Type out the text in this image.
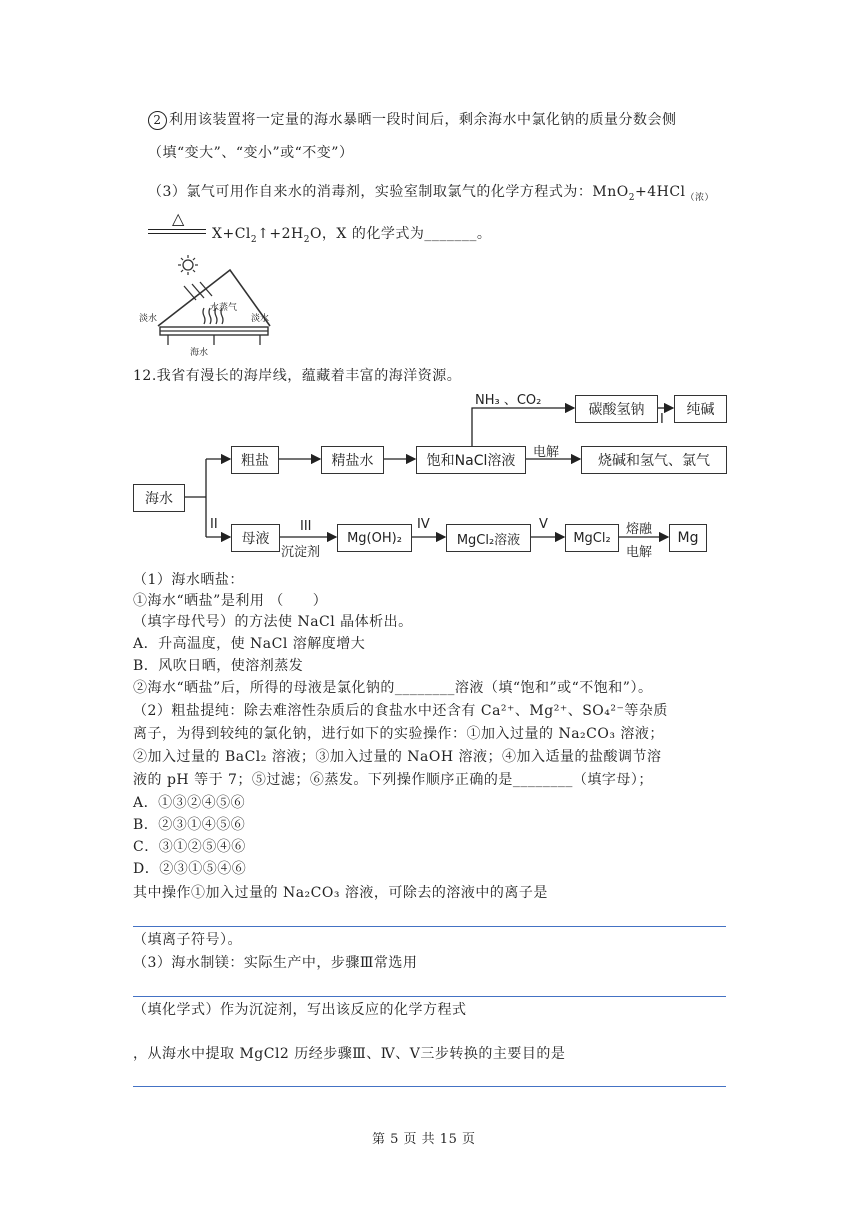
2 利用该装置将一定量的海水暴晒一段时间后，剩余海水中氯化钠的质量分数会侧
（填“变大”、“变小”或“不变”）
（3）氯气可用作自来水的消毒剂，实验室制取氯气的化学方程式为：MnO$_2$+4HCl$_{(浓)}$
△
$X+Cl_2↑+2H_2O$，X 的化学式为_______。
淡水	淡水
水蒸气
海水
12.我省有漫长的海岸线，蕴藏着丰富的海洋资源。
海水
粗盐	精盐水	饱和NaCl溶液
NH₃ 、CO₂
碳酸氢钠
I
纯碱
电解
烧碱和氢气、氯气
II
母液
III
沉淀剂
Mg(OH)₂
IV
MgCl₂溶液
V
MgCl₂
熔融
电解
Mg
（1）海水晒盐：
①海水“晒盐”是利用 （　　）
（填字母代号）的方法使 NaCl 晶体析出。
A．升高温度，使 NaCl 溶解度增大
B．风吹日晒，使溶剂蒸发
②海水“晒盐”后，所得的母液是氯化钠的________溶液（填“饱和”或“不饱和”）。
（2）粗盐提纯：除去难溶性杂质后的食盐水中还含有 Ca²⁺、Mg²⁺、SO₄²⁻等杂质
离子，为得到较纯的氯化钠，进行如下的实验操作：①加入过量的 Na₂CO₃ 溶液；
②加入过量的 BaCl₂ 溶液；③加入过量的 NaOH 溶液；④加入适量的盐酸调节溶
液的 pH 等于 7；⑤过滤；⑥蒸发。下列操作顺序正确的是________（填字母）；
A．①③②④⑤⑥
B．②③①④⑤⑥
C．③①②⑤④⑥
D．②③①⑤④⑥
其中操作①加入过量的 Na₂CO₃ 溶液，可除去的溶液中的离子是
（填离子符号）。
（3）海水制镁：实际生产中，步骤Ⅲ常选用
（填化学式）作为沉淀剂，写出该反应的化学方程式
，从海水中提取 MgCl2 历经步骤Ⅲ、Ⅳ、Ⅴ三步转换的主要目的是
第 5 页 共 15 页
